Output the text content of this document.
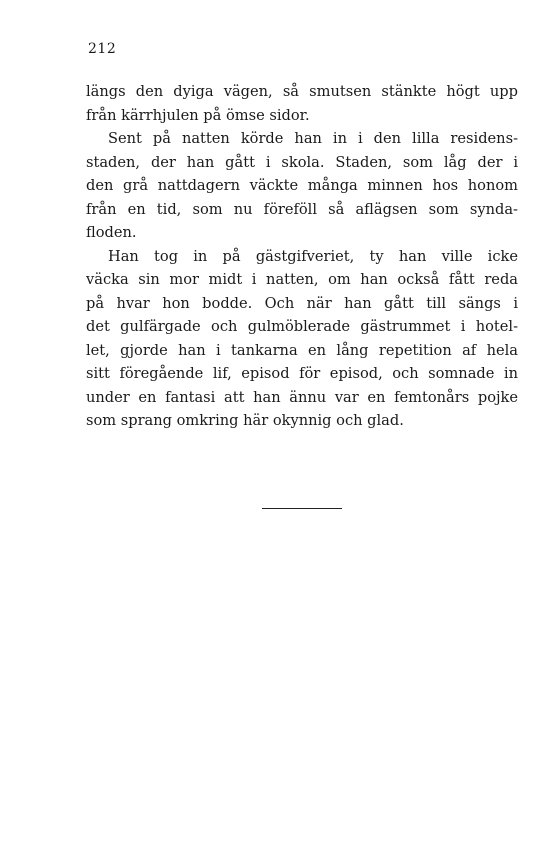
212

längs den dyiga vägen, så smutsen stänkte högt upp
från kärrhjulen på ömse sidor.

Sent på natten körde han in i den lilla residens-
staden, der han gått i skola. Staden, som låg der i
den grå nattdagern väckte många minnen hos honom
från en tid, som nu föreföll så aflägsen som synda-
floden.

Han tog in på gästgifveriet, ty han ville icke
väcka sin mor midt i natten, om han också fått reda
på hvar hon bodde. Och när han gått till sängs i
det gulfärgade och gulmöblerade gästrummet i hotel-
let, gjorde han i tankarna en lång repetition af hela
sitt föregående lif, episod för episod, och somnade in
under en fantasi att han ännu var en femtonårs pojke
som sprang omkring här okynnig och glad.
